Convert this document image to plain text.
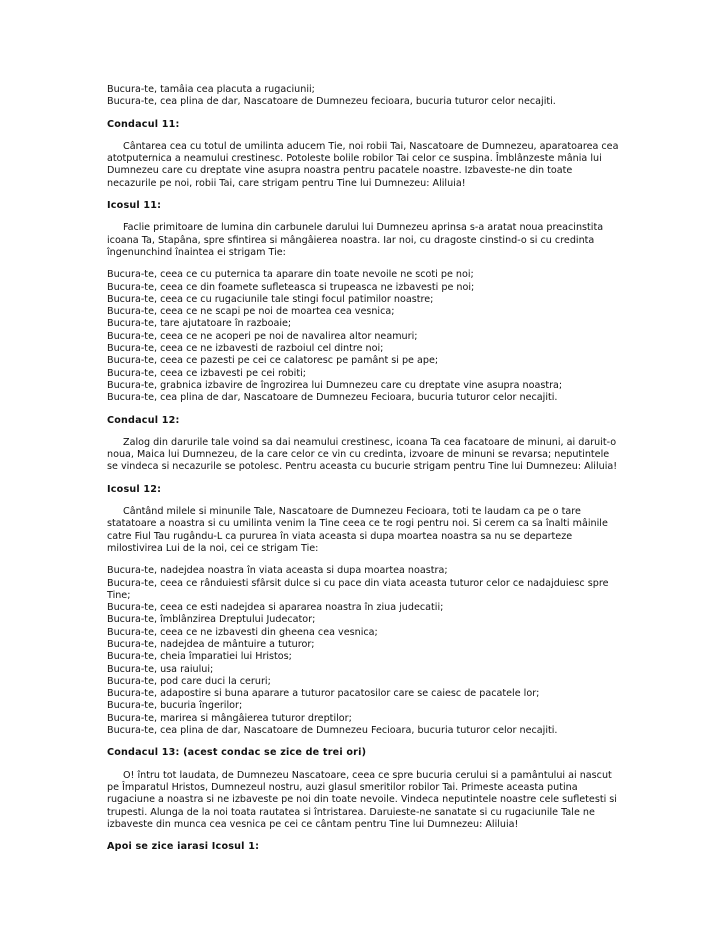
Bucura-te, tamâia cea placuta a rugaciunii;
Bucura-te, cea plina de dar, Nascatoare de Dumnezeu fecioara, bucuria tuturor celor necajiti.
Condacul 11:

Cântarea cea cu totul de umilinta aducem Tie, noi robii Tai, Nascatoare de Dumnezeu, aparatoarea cea atotputernica a neamului crestinesc. Potoleste bolile robilor Tai celor ce suspina. Îmblânzeste mânia lui Dumnezeu care cu dreptate vine asupra noastra pentru pacatele noastre. Izbaveste-ne din toate necazurile pe noi, robii Tai, care strigam pentru Tine lui Dumnezeu: Aliluia!

Icosul 11:

Faclie primitoare de lumina din carbunele darului lui Dumnezeu aprinsa s-a aratat noua preacinstita icoana Ta, Stapâna, spre sfintirea si mângâierea noastra. Iar noi, cu dragoste cinstind-o si cu credinta îngenunchind înaintea ei strigam Tie:

Bucura-te, ceea ce cu puternica ta aparare din toate nevoile ne scoti pe noi;
Bucura-te, ceea ce din foamete sufleteasca si trupeasca ne izbavesti pe noi;
Bucura-te, ceea ce cu rugaciunile tale stingi focul patimilor noastre;
Bucura-te, ceea ce ne scapi pe noi de moartea cea vesnica;
Bucura-te, tare ajutatoare în razboaie;
Bucura-te, ceea ce ne acoperi pe noi de navalirea altor neamuri;
Bucura-te, ceea ce ne izbavesti de razboiul cel dintre noi;
Bucura-te, ceea ce pazesti pe cei ce calatoresc pe pamânt si pe ape;
Bucura-te, ceea ce izbavesti pe cei robiti;
Bucura-te, grabnica izbavire de îngrozirea lui Dumnezeu care cu dreptate vine asupra noastra;
Bucura-te, cea plina de dar, Nascatoare de Dumnezeu Fecioara, bucuria tuturor celor necajiti.
Condacul 12:

Zalog din darurile tale voind sa dai neamului crestinesc, icoana Ta cea facatoare de minuni, ai daruit-o noua, Maica lui Dumnezeu, de la care celor ce vin cu credinta, izvoare de minuni se revarsa; neputintele se vindeca si necazurile se potolesc. Pentru aceasta cu bucurie strigam pentru Tine lui Dumnezeu: Aliluia!

Icosul 12:

Cântând milele si minunile Tale, Nascatoare de Dumnezeu Fecioara, toti te laudam ca pe o tare statatoare a noastra si cu umilinta venim la Tine ceea ce te rogi pentru noi. Si cerem ca sa înalti mâinile catre Fiul Tau rugându-L ca pururea în viata aceasta si dupa moartea noastra sa nu se departeze milostivirea Lui de la noi, cei ce strigam Tie:

Bucura-te, nadejdea noastra în viata aceasta si dupa moartea noastra;
Bucura-te, ceea ce rânduiesti sfârsit dulce si cu pace din viata aceasta tuturor celor ce nadajduiesc spre Tine;
Bucura-te, ceea ce esti nadejdea si apararea noastra în ziua judecatii;
Bucura-te, îmblânzirea Dreptului Judecator;
Bucura-te, ceea ce ne izbavesti din gheena cea vesnica;
Bucura-te, nadejdea de mântuire a tuturor;
Bucura-te, cheia împaratiei lui Hristos;
Bucura-te, usa raiului;
Bucura-te, pod care duci la ceruri;
Bucura-te, adapostire si buna aparare a tuturor pacatosilor care se caiesc de pacatele lor;
Bucura-te, bucuria îngerilor;
Bucura-te, marirea si mângâierea tuturor dreptilor;
Bucura-te, cea plina de dar, Nascatoare de Dumnezeu Fecioara, bucuria tuturor celor necajiti.
Condacul 13: (acest condac se zice de trei ori)

O! întru tot laudata, de Dumnezeu Nascatoare, ceea ce spre bucuria cerului si a pamântului ai nascut pe Împaratul Hristos, Dumnezeul nostru, auzi glasul smeritilor robilor Tai. Primeste aceasta putina rugaciune a noastra si ne izbaveste pe noi din toate nevoile. Vindeca neputintele noastre cele sufletesti si trupesti. Alunga de la noi toata rautatea si întristarea. Daruieste-ne sanatate si cu rugaciunile Tale ne izbaveste din munca cea vesnica pe cei ce cântam pentru Tine lui Dumnezeu: Aliluia!

Apoi se zice iarasi Icosul 1:
